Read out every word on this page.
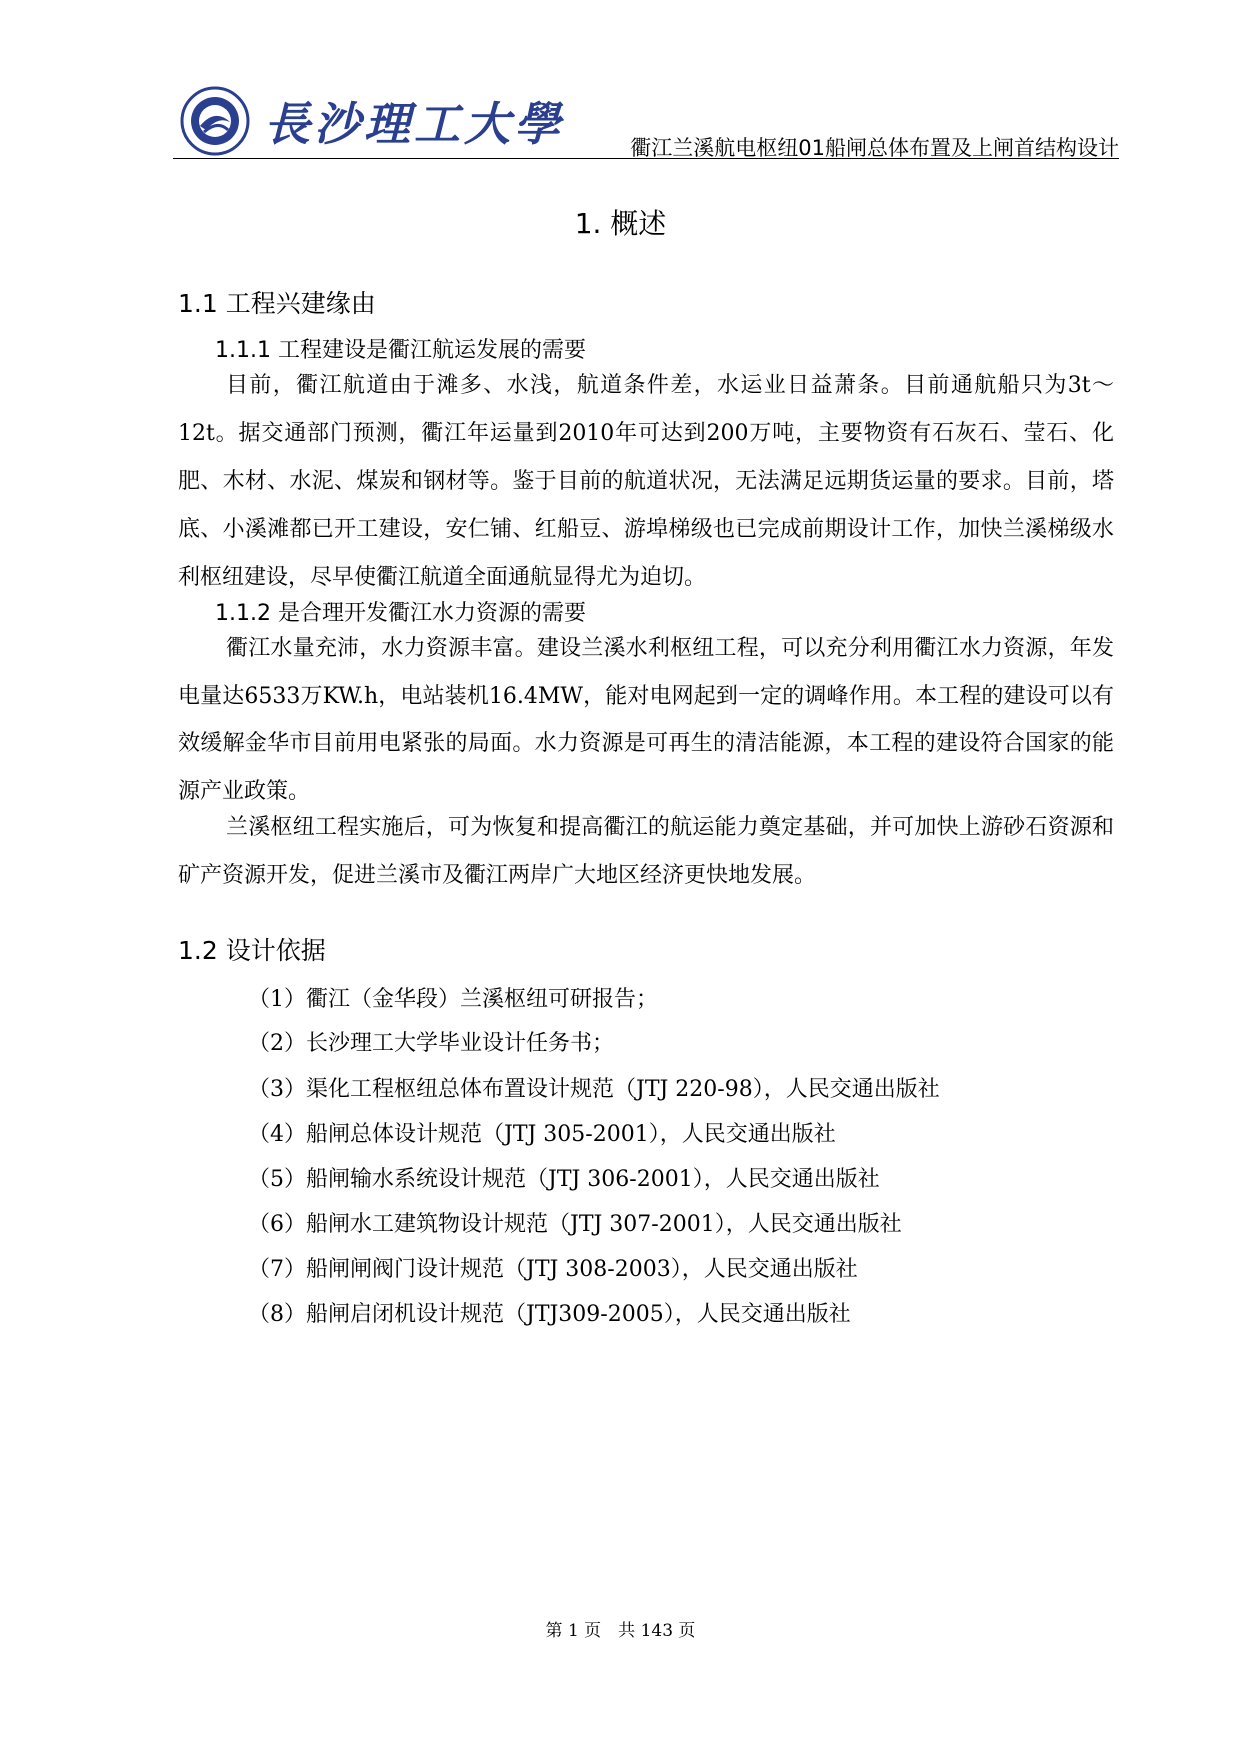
長沙理工大學	衢江兰溪航电枢纽01船闸总体布置及上闸首结构设计
1. 概述
1.1 工程兴建缘由
1.1.1 工程建设是衢江航运发展的需要
目前，衢江航道由于滩多、水浅，航道条件差，水运业日益萧条。目前通航船只为3t～12t。据交通部门预测，衢江年运量到2010年可达到200万吨，主要物资有石灰石、莹石、化肥、木材、水泥、煤炭和钢材等。鉴于目前的航道状况，无法满足远期货运量的要求。目前，塔底、小溪滩都已开工建设，安仁铺、红船豆、游埠梯级也已完成前期设计工作，加快兰溪梯级水利枢纽建设，尽早使衢江航道全面通航显得尤为迫切。
1.1.2 是合理开发衢江水力资源的需要
衢江水量充沛，水力资源丰富。建设兰溪水利枢纽工程，可以充分利用衢江水力资源，年发电量达6533万KW.h，电站装机16.4MW，能对电网起到一定的调峰作用。本工程的建设可以有效缓解金华市目前用电紧张的局面。水力资源是可再生的清洁能源，本工程的建设符合国家的能源产业政策。
兰溪枢纽工程实施后，可为恢复和提高衢江的航运能力奠定基础，并可加快上游砂石资源和矿产资源开发，促进兰溪市及衢江两岸广大地区经济更快地发展。
1.2 设计依据
（1）衢江（金华段）兰溪枢纽可研报告；
（2）长沙理工大学毕业设计任务书；
（3）渠化工程枢纽总体布置设计规范（JTJ 220-98），人民交通出版社
（4）船闸总体设计规范（JTJ 305-2001），人民交通出版社
（5）船闸输水系统设计规范（JTJ 306-2001），人民交通出版社
（6）船闸水工建筑物设计规范（JTJ 307-2001），人民交通出版社
（7）船闸闸阀门设计规范（JTJ 308-2003），人民交通出版社
（8）船闸启闭机设计规范（JTJ309-2005），人民交通出版社
第 1 页　共 143 页
